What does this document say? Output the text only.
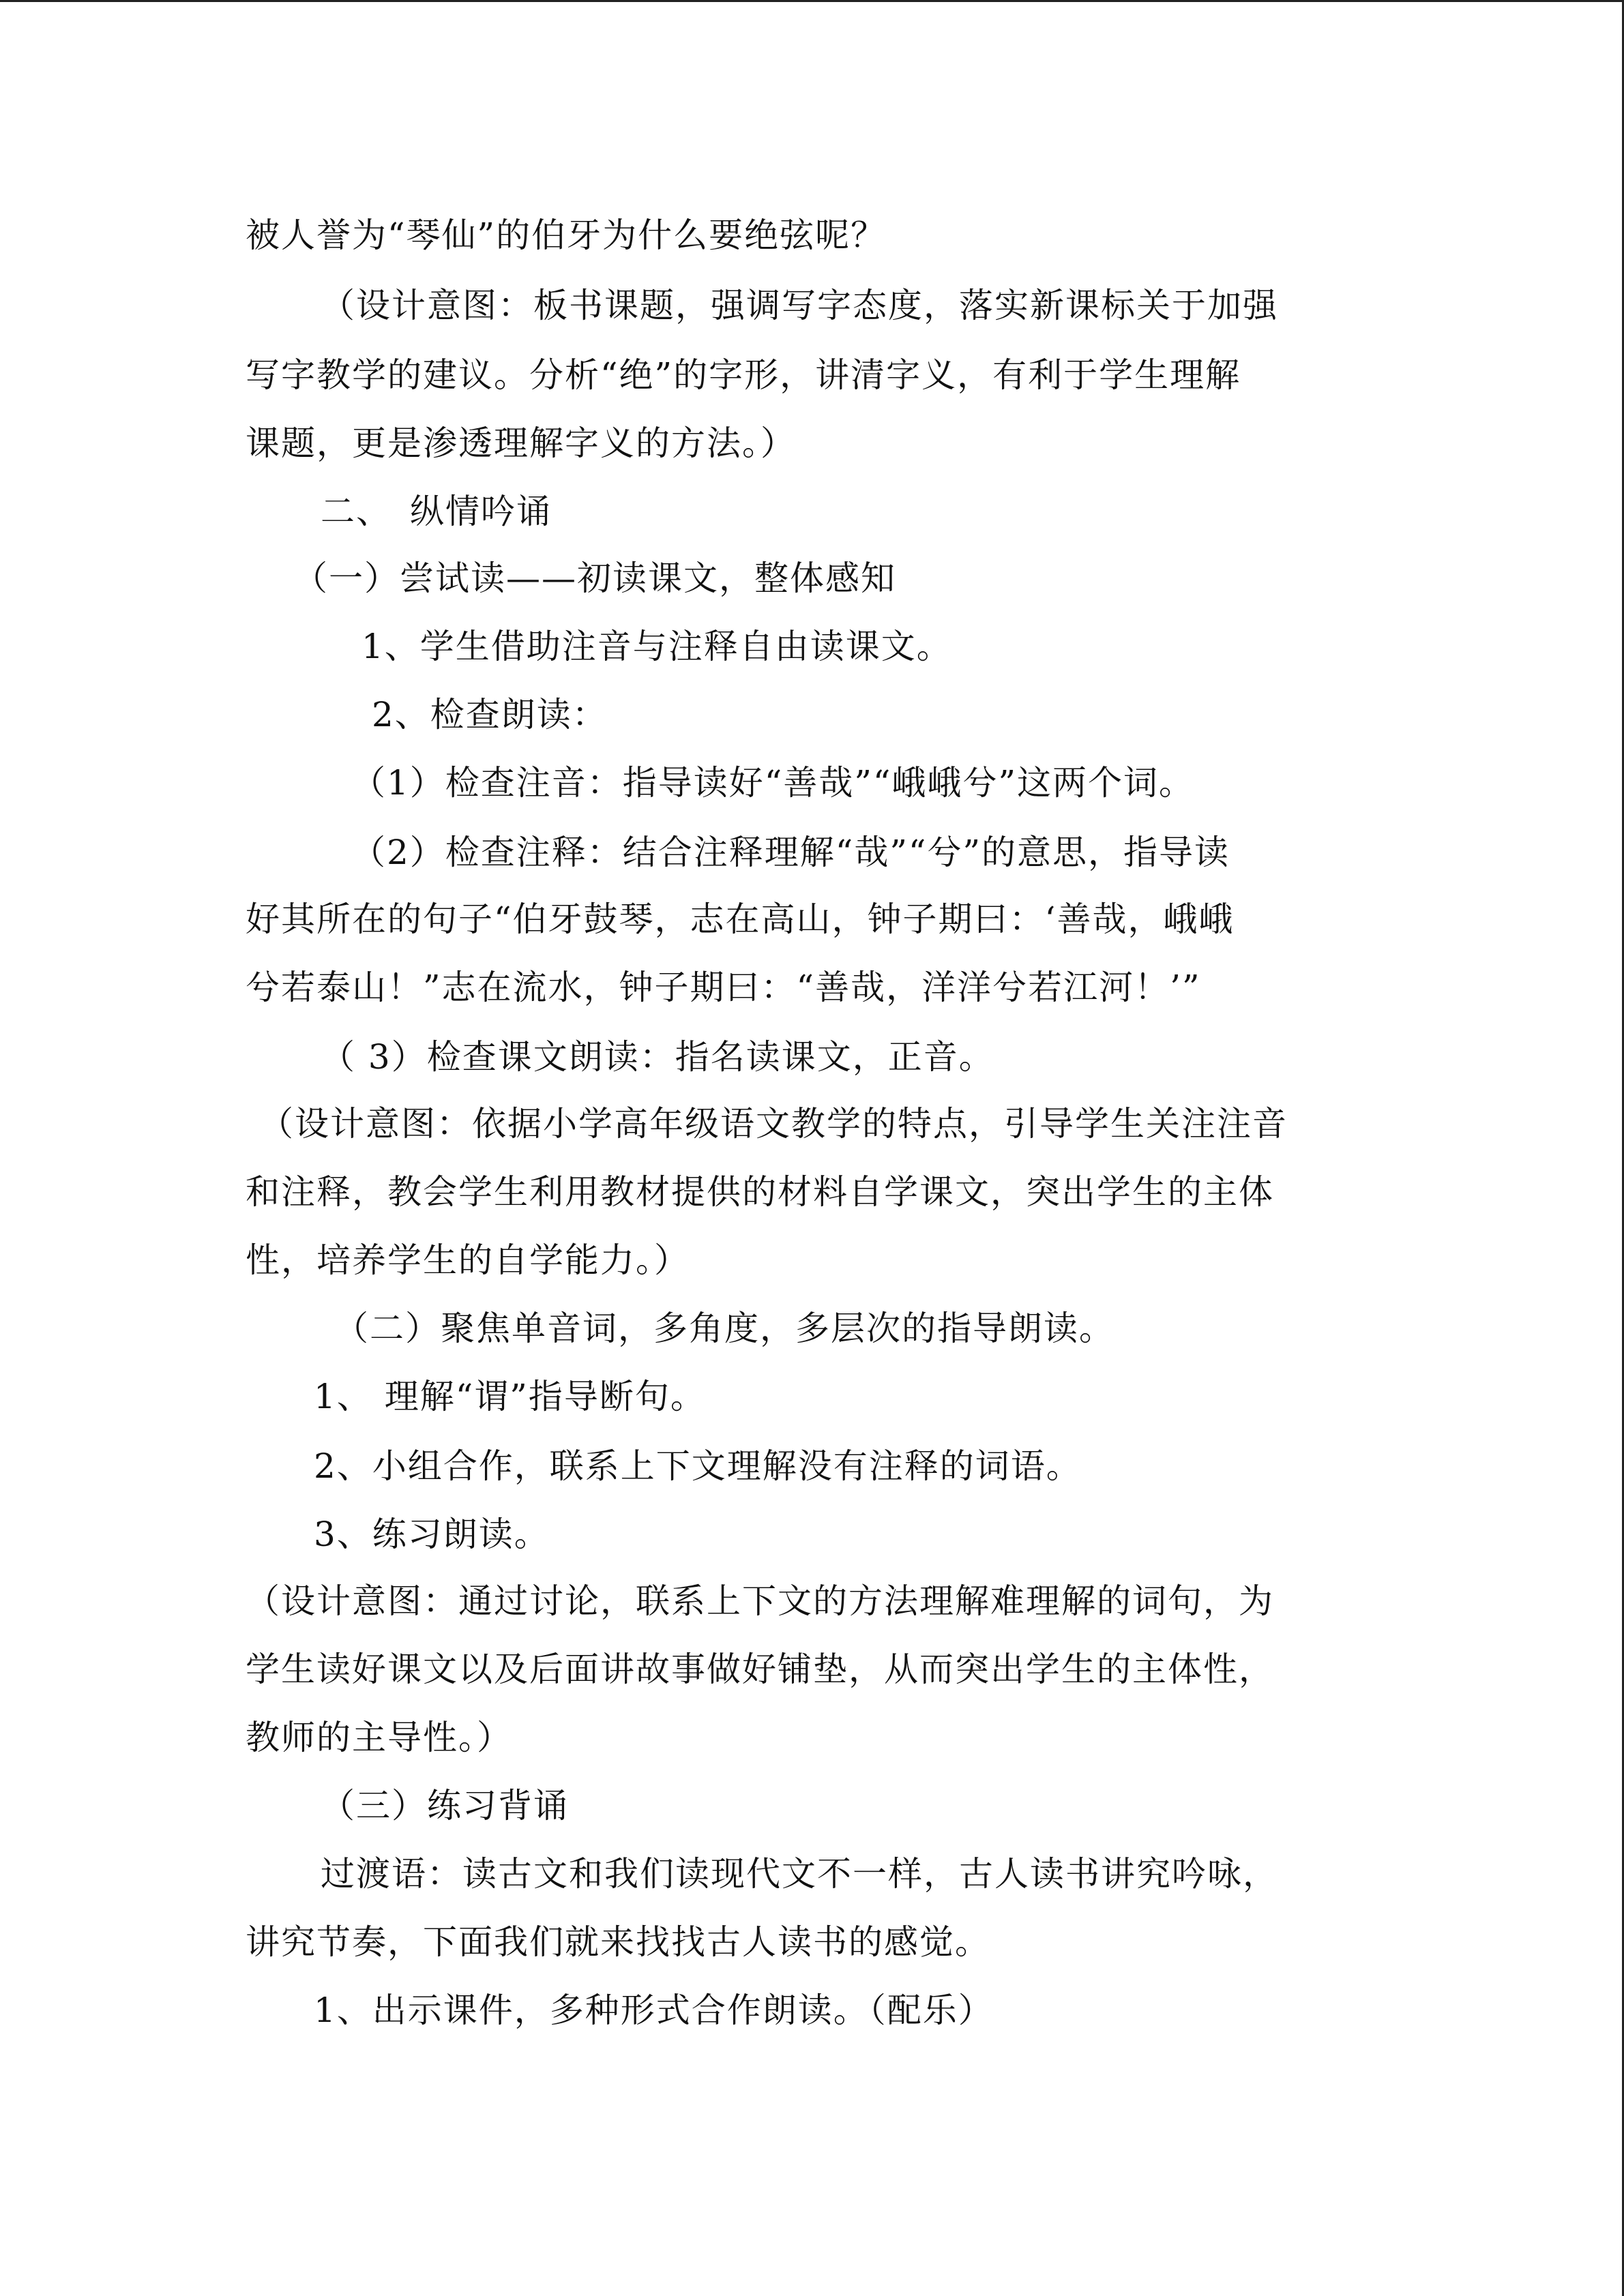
被人誉为“琴仙”的伯牙为什么要绝弦呢？
（设计意图：板书课题，强调写字态度，落实新课标关于加强
写字教学的建议。分析“绝”的字形，讲清字义，有利于学生理解
课题，更是渗透理解字义的方法。）
二、　纵情吟诵
（一）尝试读——初读课文，整体感知
1、学生借助注音与注释自由读课文。
2、检查朗读：
（1）检查注音：指导读好“善哉”“峨峨兮”这两个词。
（2）检查注释：结合注释理解“哉”“兮”的意思，指导读
好其所在的句子“伯牙鼓琴，志在高山，钟子期曰：‘善哉，峨峨
兮若泰山！”志在流水，钟子期曰：“善哉，洋洋兮若江河！’”
（ 3）检查课文朗读：指名读课文，正音。
（设计意图：依据小学高年级语文教学的特点，引导学生关注注音
和注释，教会学生利用教材提供的材料自学课文，突出学生的主体
性，培养学生的自学能力。）
（二）聚焦单音词，多角度，多层次的指导朗读。
1、 理解“谓”指导断句。
2、小组合作，联系上下文理解没有注释的词语。
3、练习朗读。
（设计意图：通过讨论，联系上下文的方法理解难理解的词句，为
学生读好课文以及后面讲故事做好铺垫，从而突出学生的主体性，
教师的主导性。）
（三）练习背诵
过渡语：读古文和我们读现代文不一样，古人读书讲究吟咏，
讲究节奏，下面我们就来找找古人读书的感觉。
1、出示课件，多种形式合作朗读。（配乐）
